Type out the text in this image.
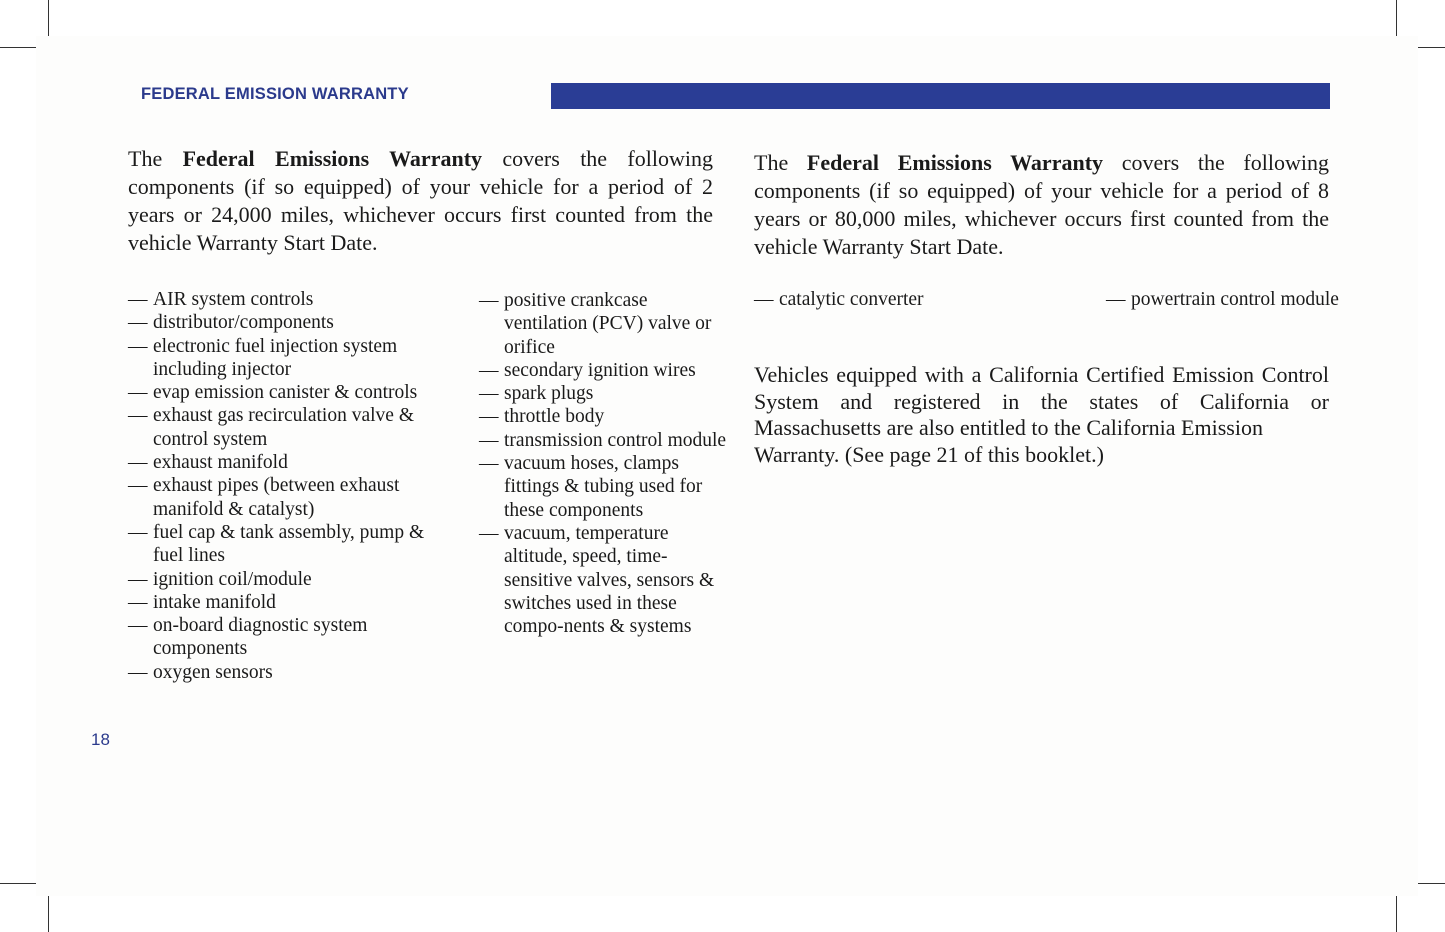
FEDERAL EMISSION WARRANTY

The Federal Emissions Warranty covers the following components (if so equipped) of your vehicle for a period of 2 years or 24,000 miles, whichever occurs first counted from the vehicle Warranty Start Date.

— AIR system controls
— distributor/components
— electronic fuel injection system including injector
— evap emission canister & controls
— exhaust gas recirculation valve & control system
— exhaust manifold
— exhaust pipes (between exhaust manifold & catalyst)
— fuel cap & tank assembly, pump & fuel lines
— ignition coil/module
— intake manifold
— on-board diagnostic system components
— oxygen sensors
— positive crankcase ventilation (PCV) valve or orifice
— secondary ignition wires
— spark plugs
— throttle body
— transmission control module
— vacuum hoses, clamps fittings & tubing used for these components
— vacuum, temperature altitude, speed, time-sensitive valves, sensors & switches used in these compo-nents & systems

The Federal Emissions Warranty covers the following components (if so equipped) of your vehicle for a period of 8 years or 80,000 miles, whichever occurs first counted from the vehicle Warranty Start Date.

— catalytic converter	— powertrain control module

Vehicles equipped with a California Certified Emission Control System and registered in the states of California or Massachusetts are also entitled to the California Emission
Warranty. (See page 21 of this booklet.)

18
